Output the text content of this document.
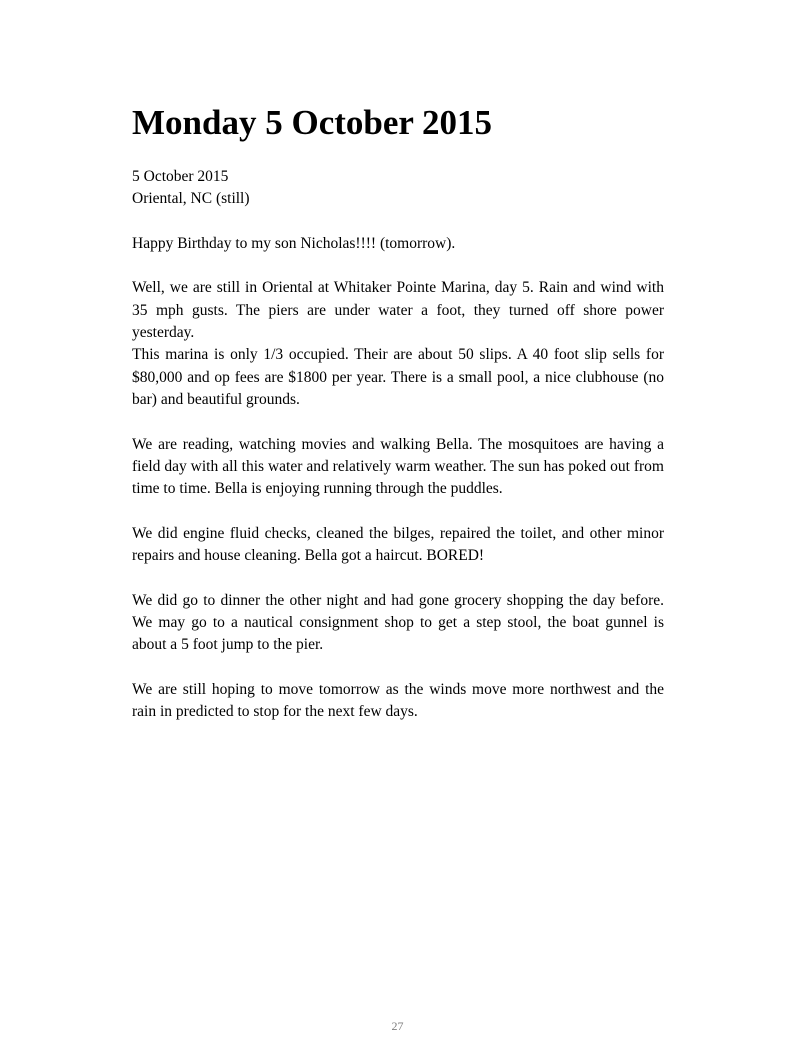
Monday 5 October 2015

5 October 2015

Oriental, NC (still)

Happy Birthday to my son Nicholas!!!! (tomorrow).

Well, we are still in Oriental at Whitaker Pointe Marina, day 5. Rain and wind with 35 mph gusts. The piers are under water a foot, they turned off shore power yesterday.

This marina is only 1/3 occupied. Their are about 50 slips. A 40 foot slip sells for $80,000 and op fees are $1800 per year. There is a small pool, a nice clubhouse (no bar) and beautiful grounds.

We are reading, watching movies and walking Bella. The mosquitoes are having a field day with all this water and relatively warm weather. The sun has poked out from time to time. Bella is enjoying running through the puddles.

We did engine fluid checks, cleaned the bilges, repaired the toilet, and other minor repairs and house cleaning. Bella got a haircut. BORED!

We did go to dinner the other night and had gone grocery shopping the day before. We may go to a nautical consignment shop to get a step stool, the boat gunnel is about a 5 foot jump to the pier.

We are still hoping to move tomorrow as the winds move more northwest and the rain in predicted to stop for the next few days.

27
